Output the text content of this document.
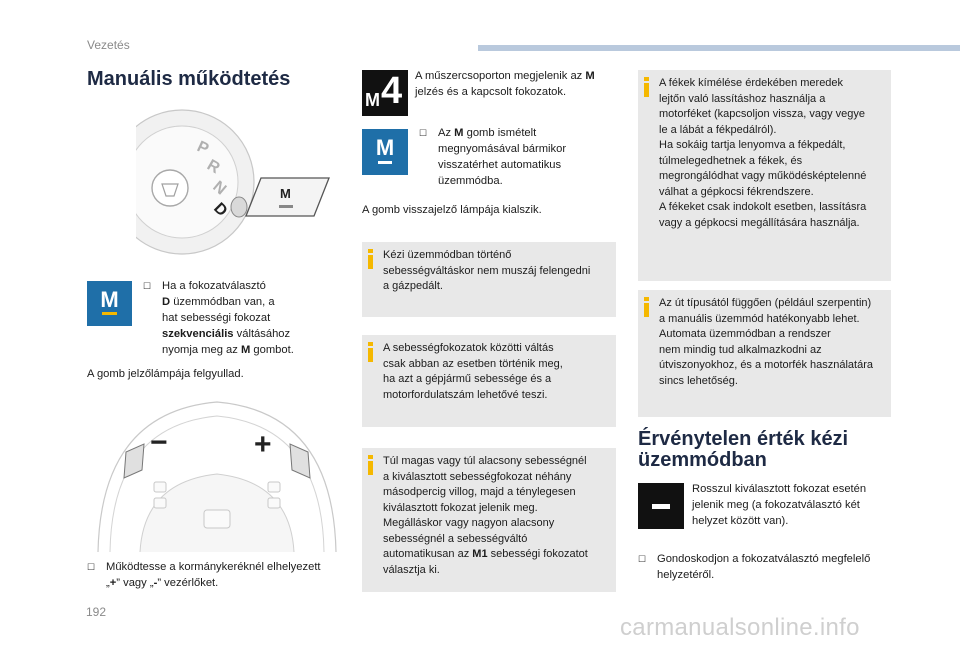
Vezetés
Manuális működtetés
P
R
N
D
M
M
☐ Ha a fokozatválasztó
D üzemmódban van, a
hat sebességi fokozat
szekvenciális váltásához
nyomja meg az M gombot.
A gomb jelzőlámpája felgyullad.
−	+
☐ Működtesse a kormánykeréknél elhelyezett
„+” vagy „-” vezérlőket.
M 4 A műszercsoporton megjelenik az M
jelzés és a kapcsolt fokozatok.
M
☐ Az M gomb ismételt
megnyomásával bármikor
visszatérhet automatikus
üzemmódba.
A gomb visszajelző lámpája kialszik.
Kézi üzemmódban történő
sebességváltáskor nem muszáj felengedni
a gázpedált.
A sebességfokozatok közötti váltás
csak abban az esetben történik meg,
ha azt a gépjármű sebessége és a
motorfordulatszám lehetővé teszi.
Túl magas vagy túl alacsony sebességnél
a kiválasztott sebességfokozat néhány
másodpercig villog, majd a ténylegesen
kiválasztott fokozat jelenik meg.
Megálláskor vagy nagyon alacsony
sebességnél a sebességváltó
automatikusan az M1 sebességi fokozatot
választja ki.
A fékek kímélése érdekében meredek
lejtőn való lassításhoz használja a
motorféket (kapcsoljon vissza, vagy vegye
le a lábát a fékpedálról).
Ha sokáig tartja lenyomva a fékpedált,
túlmelegedhetnek a fékek, és
megrongálódhat vagy működésképtelenné
válhat a gépkocsi fékrendszere.
A fékeket csak indokolt esetben, lassításra
vagy a gépkocsi megállítására használja.
Az út típusától függően (például szerpentin)
a manuális üzemmód hatékonyabb lehet.
Automata üzemmódban a rendszer
nem mindig tud alkalmazkodni az
útviszonyokhoz, és a motorfék használatára
sincs lehetőség.
Érvénytelen érték kézi
üzemmódban
Rosszul kiválasztott fokozat esetén
jelenik meg (a fokozatválasztó két
helyzet között van).
☐ Gondoskodjon a fokozatválasztó megfelelő
helyzetéről.
192
carmanualsonline.info
